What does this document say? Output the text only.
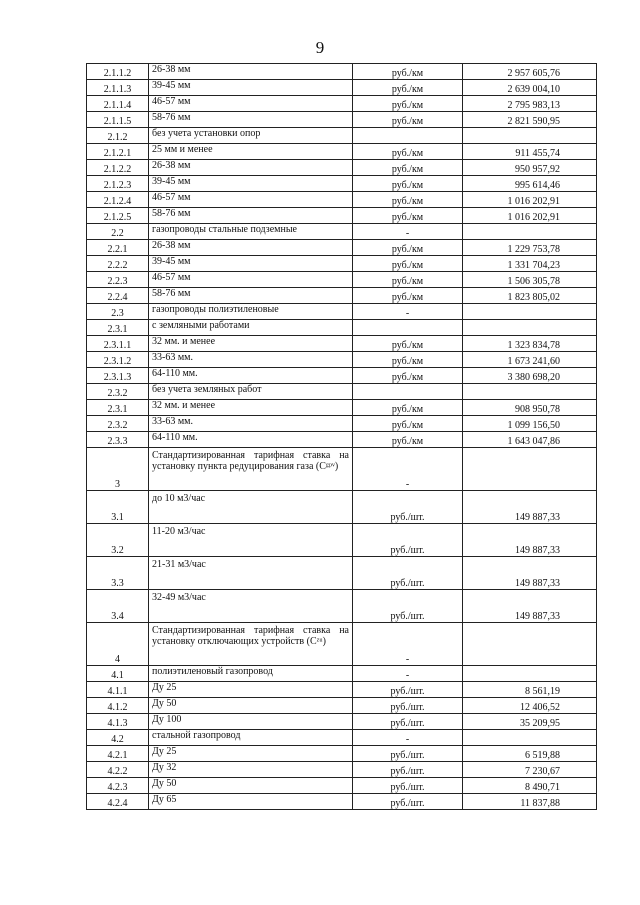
9
2.1.1.2	26-38 мм	руб./км	2 957 605,76
2.1.1.3	39-45 мм	руб./км	2 639 004,10
2.1.1.4	46-57 мм	руб./км	2 795 983,13
2.1.1.5	58-76 мм	руб./км	2 821 590,95
2.1.2	без учета установки опор		
2.1.2.1	25 мм и менее	руб./км	911 455,74
2.1.2.2	26-38 мм	руб./км	950 957,92
2.1.2.3	39-45 мм	руб./км	995 614,46
2.1.2.4	46-57 мм	руб./км	1 016 202,91
2.1.2.5	58-76 мм	руб./км	1 016 202,91
2.2	газопроводы стальные подземные	-	
2.2.1	26-38 мм	руб./км	1 229 753,78
2.2.2	39-45 мм	руб./км	1 331 704,23
2.2.3	46-57 мм	руб./км	1 506 305,78
2.2.4	58-76 мм	руб./км	1 823 805,02
2.3	газопроводы полиэтиленовые	-	
2.3.1	с земляными работами		
2.3.1.1	32 мм. и менее	руб./км	1 323 834,78
2.3.1.2	33-63 мм.	руб./км	1 673 241,60
2.3.1.3	64-110 мм.	руб./км	3 380 698,20
2.3.2	без учета земляных работ		
2.3.1	32 мм. и менее	руб./км	908 950,78
2.3.2	33-63 мм.	руб./км	1 099 156,50
2.3.3	64-110 мм.	руб./км	1 643 047,86
3	Стандартизированная тарифная ставка на установку пункта редуцирования газа (Сᵍᵖᵛ)	-	
3.1	до 10 м3/час	руб./шт.	149 887,33
3.2	11-20 м3/час	руб./шт.	149 887,33
3.3	21-31 м3/час	руб./шт.	149 887,33
3.4	32-49 м3/час	руб./шт.	149 887,33
4	Стандартизированная тарифная ставка на установку отключающих устройств (Сᶻᵘ)	-	
4.1	полиэтиленовый газопровод	-	
4.1.1	Ду 25	руб./шт.	8 561,19
4.1.2	Ду 50	руб./шт.	12 406,52
4.1.3	Ду 100	руб./шт.	35 209,95
4.2	стальной газопровод	-	
4.2.1	Ду 25	руб./шт.	6 519,88
4.2.2	Ду 32	руб./шт.	7 230,67
4.2.3	Ду 50	руб./шт.	8 490,71
4.2.4	Ду 65	руб./шт.	11 837,88
